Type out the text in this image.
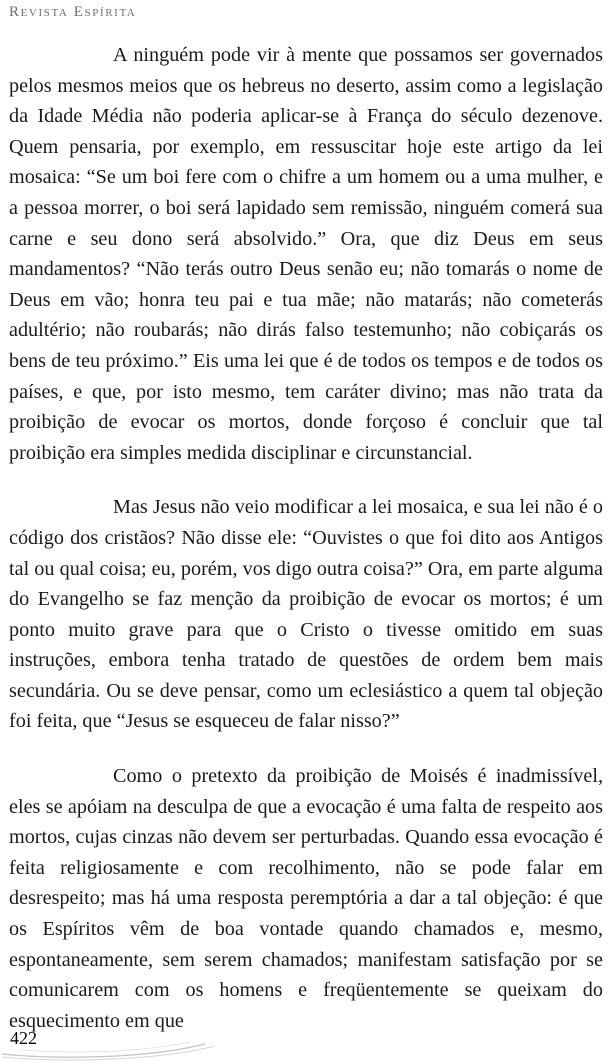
Revista Espírita

A ninguém pode vir à mente que possamos ser governados pelos mesmos meios que os hebreus no deserto, assim como a legislação da Idade Média não poderia aplicar-se à França do século dezenove. Quem pensaria, por exemplo, em ressuscitar hoje este artigo da lei mosaica: “Se um boi fere com o chifre a um homem ou a uma mulher, e a pessoa morrer, o boi será lapidado sem remissão, ninguém comerá sua carne e seu dono será absolvido.” Ora, que diz Deus em seus mandamentos? “Não terás outro Deus senão eu; não tomarás o nome de Deus em vão; honra teu pai e tua mãe; não matarás; não cometerás adultério; não roubarás; não dirás falso testemunho; não cobiçarás os bens de teu próximo.” Eis uma lei que é de todos os tempos e de todos os países, e que, por isto mesmo, tem caráter divino; mas não trata da proibição de evocar os mortos, donde forçoso é concluir que tal proibição era simples medida disciplinar e circunstancial.

Mas Jesus não veio modificar a lei mosaica, e sua lei não é o código dos cristãos? Não disse ele: “Ouvistes o que foi dito aos Antigos tal ou qual coisa; eu, porém, vos digo outra coisa?” Ora, em parte alguma do Evangelho se faz menção da proibição de evocar os mortos; é um ponto muito grave para que o Cristo o tivesse omitido em suas instruções, embora tenha tratado de questões de ordem bem mais secundária. Ou se deve pensar, como um eclesiástico a quem tal objeção foi feita, que “Jesus se esqueceu de falar nisso?”

Como o pretexto da proibição de Moisés é inadmissível, eles se apóiam na desculpa de que a evocação é uma falta de respeito aos mortos, cujas cinzas não devem ser perturbadas. Quando essa evocação é feita religiosamente e com recolhimento, não se pode falar em desrespeito; mas há uma resposta peremptória a dar a tal objeção: é que os Espíritos vêm de boa vontade quando chamados e, mesmo, espontaneamente, sem serem chamados; manifestam satisfação por se comunicarem com os homens e freqüentemente se queixam do esquecimento em que

422
